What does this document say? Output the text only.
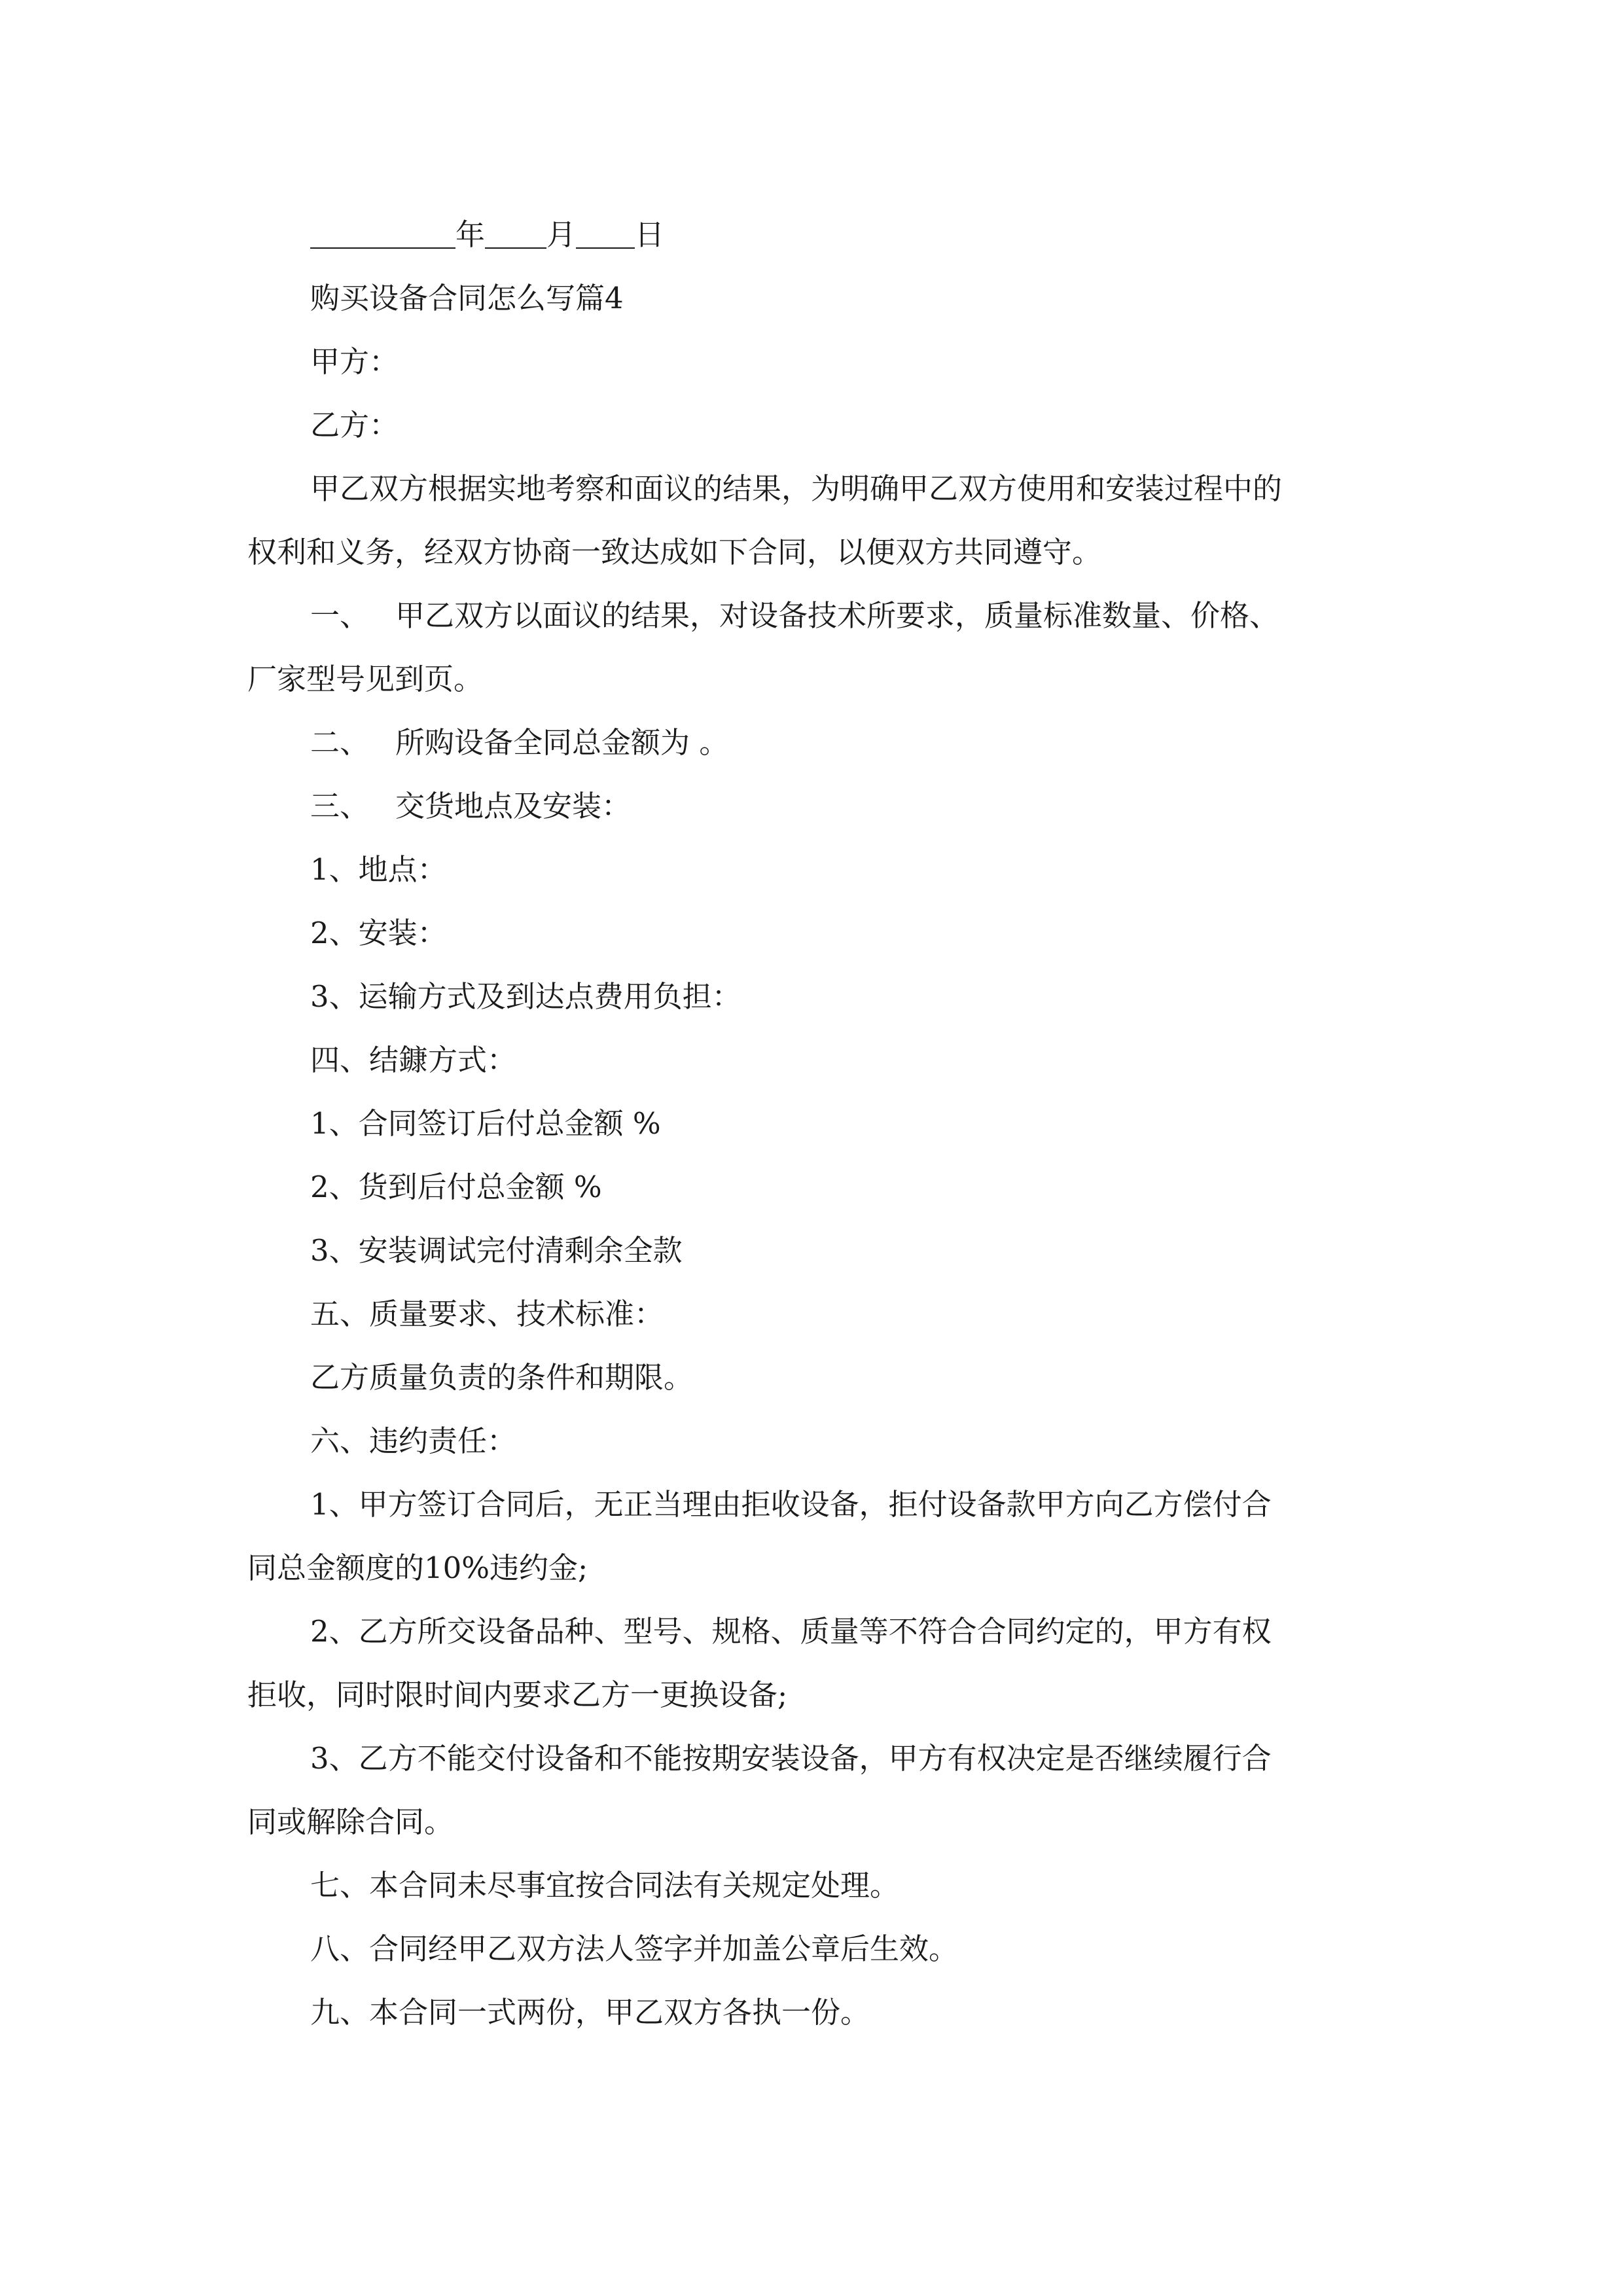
年 月 日

购买设备合同怎么写篇4

甲方：

乙方：

甲乙双方根据实地考察和面议的结果，为明确甲乙双方使用和安装过程中的

权利和义务，经双方协商一致达成如下合同，以便双方共同遵守。

一、 甲乙双方以面议的结果，对设备技术所要求，质量标准数量、价格、

厂家型号见到页。

二、 所购设备全同总金额为 。

三、 交货地点及安装：

1、地点：

2、安装：

3、运输方式及到达点费用负担：

四、结鏮方式：

1、合同签订后付总金额 %

2、货到后付总金额 %

3、安装调试完付清剩余全款

五、质量要求、技术标准：

乙方质量负责的条件和期限。

六、违约责任：

1、甲方签订合同后，无正当理由拒收设备，拒付设备款甲方向乙方偿付合

同总金额度的10%违约金;

2、乙方所交设备品种、型号、规格、质量等不符合合同约定的，甲方有权

拒收，同时限时间内要求乙方一更换设备;

3、乙方不能交付设备和不能按期安装设备，甲方有权决定是否继续履行合

同或解除合同。

七、本合同未尽事宜按合同法有关规定处理。

八、合同经甲乙双方法人签字并加盖公章后生效。

九、本合同一式两份，甲乙双方各执一份。
